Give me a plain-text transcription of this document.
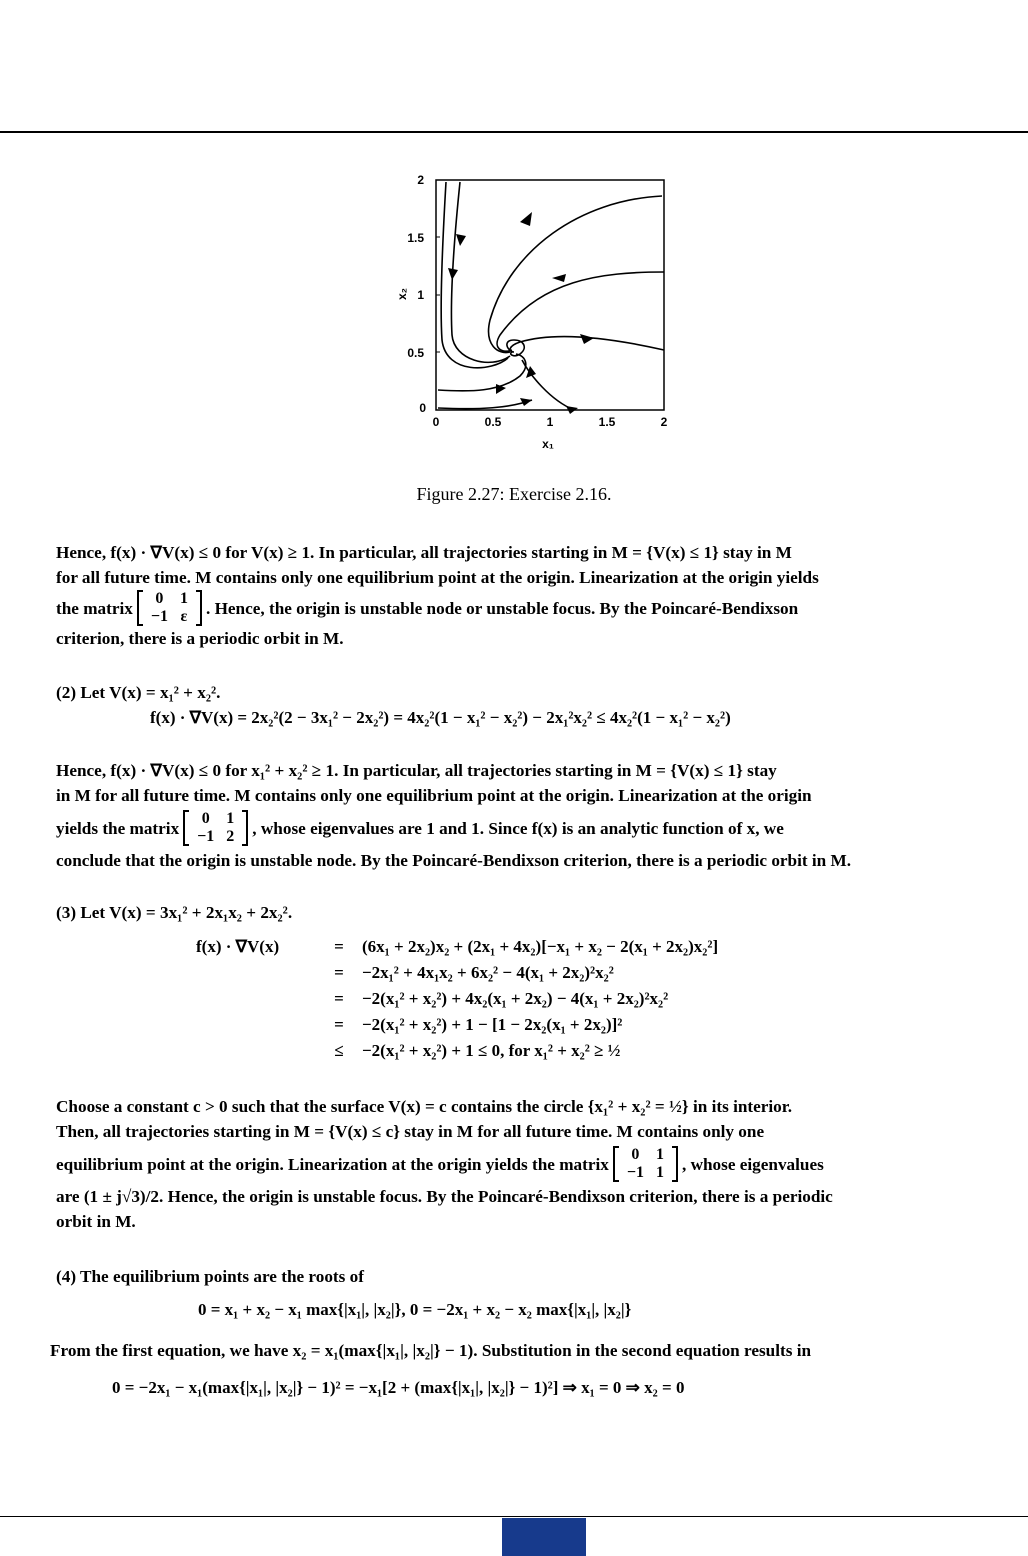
2
1.5
1
0.5
0
0	0.5	1	1.5	2
x₁
x₂
Figure 2.27: Exercise 2.16.
Hence, f(x) · ∇V(x) ≤ 0 for V(x) ≥ 1. In particular, all trajectories starting in M = {V(x) ≤ 1} stay in M
for all future time. M contains only one equilibrium point at the origin. Linearization at the origin yields
the matrix 0	1
−1	ε . Hence, the origin is unstable node or unstable focus. By the Poincaré-Bendixson
criterion, there is a periodic orbit in M.
(2) Let V(x) = x₁² + x₂².
f(x) · ∇V(x) = 2x₂²(2 − 3x₁² − 2x₂²) = 4x₂²(1 − x₁² − x₂²) − 2x₁²x₂² ≤ 4x₂²(1 − x₁² − x₂²)
Hence, f(x) · ∇V(x) ≤ 0 for x₁² + x₂² ≥ 1. In particular, all trajectories starting in M = {V(x) ≤ 1} stay
in M for all future time. M contains only one equilibrium point at the origin. Linearization at the origin
yields the matrix 0	1
−1	2 , whose eigenvalues are 1 and 1. Since f(x) is an analytic function of x, we
conclude that the origin is unstable node. By the Poincaré-Bendixson criterion, there is a periodic orbit in M.
(3) Let V(x) = 3x₁² + 2x₁x₂ + 2x₂².
f(x) · ∇V(x)	=	(6x₁ + 2x₂)x₂ + (2x₁ + 4x₂)[−x₁ + x₂ − 2(x₁ + 2x₂)x₂²]
=	−2x₁² + 4x₁x₂ + 6x₂² − 4(x₁ + 2x₂)²x₂²
=	−2(x₁² + x₂²) + 4x₂(x₁ + 2x₂) − 4(x₁ + 2x₂)²x₂²
=	−2(x₁² + x₂²) + 1 − [1 − 2x₂(x₁ + 2x₂)]²
≤	−2(x₁² + x₂²) + 1 ≤ 0, for x₁² + x₂² ≥ ½
Choose a constant c > 0 such that the surface V(x) = c contains the circle {x₁² + x₂² = ½} in its interior.
Then, all trajectories starting in M = {V(x) ≤ c} stay in M for all future time. M contains only one
equilibrium point at the origin. Linearization at the origin yields the matrix 0	1
−1	1 , whose eigenvalues
are (1 ± j√3)/2. Hence, the origin is unstable focus. By the Poincaré-Bendixson criterion, there is a periodic
orbit in M.
(4) The equilibrium points are the roots of
0 = x₁ + x₂ − x₁ max{|x₁|, |x₂|}, 0 = −2x₁ + x₂ − x₂ max{|x₁|, |x₂|}
From the first equation, we have x₂ = x₁(max{|x₁|, |x₂|} − 1). Substitution in the second equation results in
0 = −2x₁ − x₁(max{|x₁|, |x₂|} − 1)² = −x₁[2 + (max{|x₁|, |x₂|} − 1)²] ⇒ x₁ = 0 ⇒ x₂ = 0
